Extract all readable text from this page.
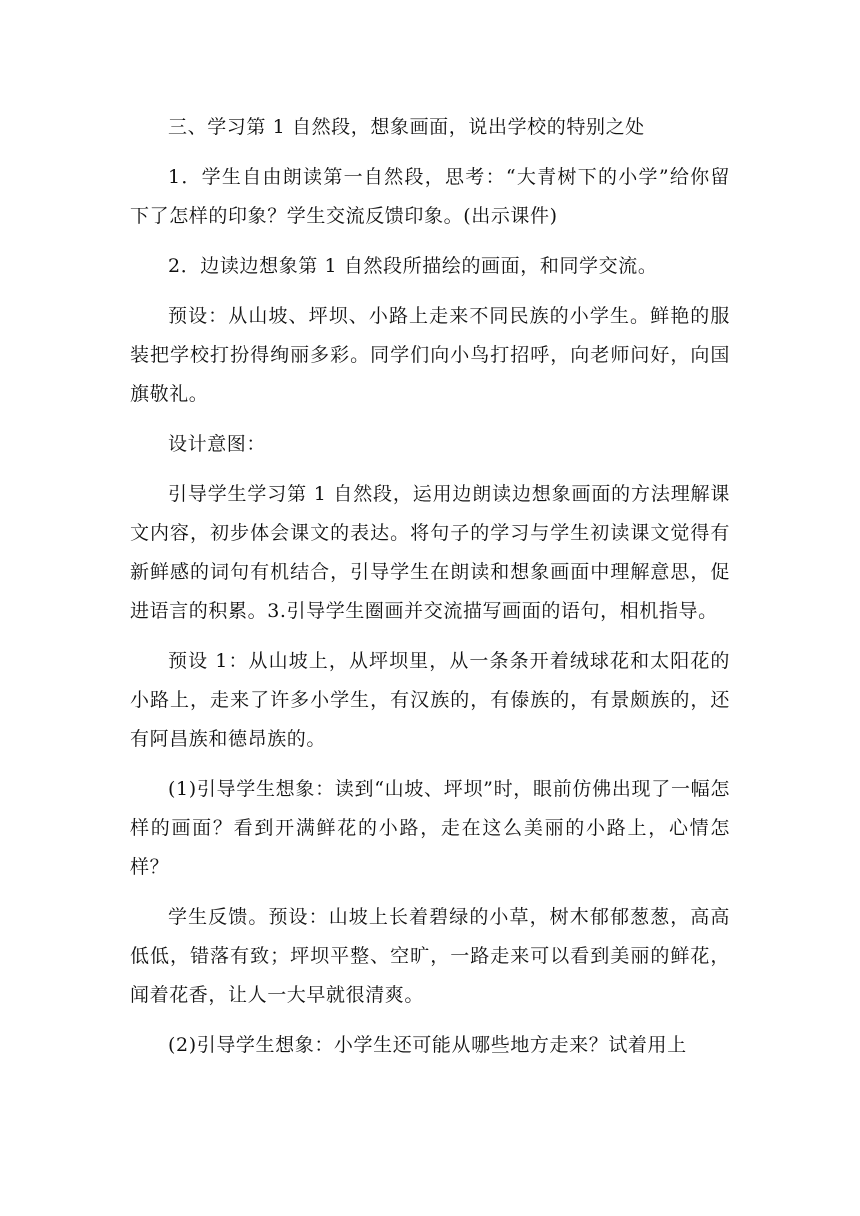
三、学习第 1 自然段，想象画面，说出学校的特别之处

1．学生自由朗读第一自然段，思考：“大青树下的小学”给你留下了怎样的印象？学生交流反馈印象。(出示课件)

2．边读边想象第 1 自然段所描绘的画面，和同学交流。

预设：从山坡、坪坝、小路上走来不同民族的小学生。鲜艳的服装把学校打扮得绚丽多彩。同学们向小鸟打招呼，向老师问好，向国旗敬礼。

设计意图：

引导学生学习第 1 自然段，运用边朗读边想象画面的方法理解课文内容，初步体会课文的表达。将句子的学习与学生初读课文觉得有新鲜感的词句有机结合，引导学生在朗读和想象画面中理解意思，促进语言的积累。3.引导学生圈画并交流描写画面的语句，相机指导。

预设 1：从山坡上，从坪坝里，从一条条开着绒球花和太阳花的小路上，走来了许多小学生，有汉族的，有傣族的，有景颇族的，还有阿昌族和德昂族的。

(1)引导学生想象：读到“山坡、坪坝”时，眼前仿佛出现了一幅怎样的画面？看到开满鲜花的小路，走在这么美丽的小路上，心情怎样？

学生反馈。预设：山坡上长着碧绿的小草，树木郁郁葱葱，高高低低，错落有致；坪坝平整、空旷，一路走来可以看到美丽的鲜花，闻着花香，让人一大早就很清爽。

(2)引导学生想象：小学生还可能从哪些地方走来？试着用上
